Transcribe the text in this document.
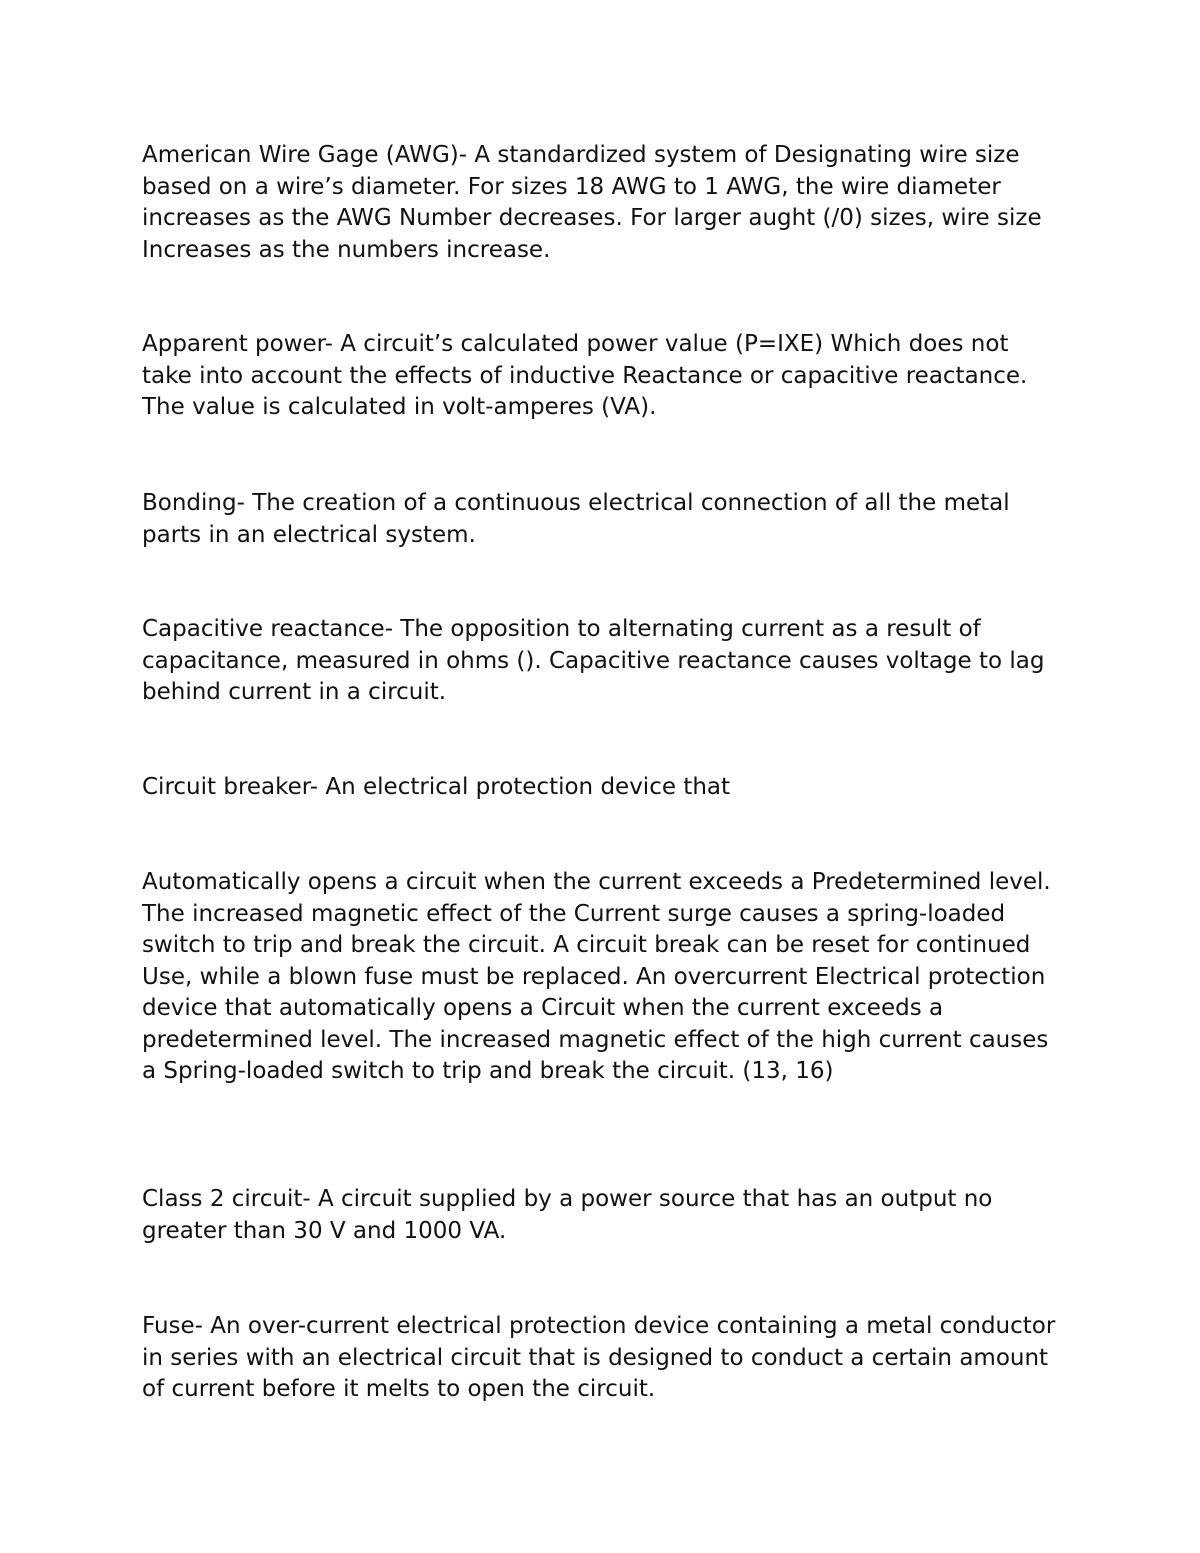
American Wire Gage (AWG)- A standardized system of Designating wire size based on a wire’s diameter. For sizes 18 AWG to 1 AWG, the wire diameter increases as the AWG Number decreases. For larger aught (/0) sizes, wire size Increases as the numbers increase.

Apparent power- A circuit’s calculated power value (P=IXE) Which does not take into account the effects of inductive Reactance or capacitive reactance. The value is calculated in volt-amperes (VA).

Bonding- The creation of a continuous electrical connection of all the metal parts in an electrical system.

Capacitive reactance- The opposition to alternating current as a result of capacitance, measured in ohms (). Capacitive reactance causes voltage to lag behind current in a circuit.

Circuit breaker- An electrical protection device that

Automatically opens a circuit when the current exceeds a Predetermined level. The increased magnetic effect of the Current surge causes a spring-loaded switch to trip and break the circuit. A circuit break can be reset for continued Use, while a blown fuse must be replaced. An overcurrent Electrical protection device that automatically opens a Circuit when the current exceeds a predetermined level. The increased magnetic effect of the high current causes a Spring-loaded switch to trip and break the circuit. (13, 16)

Class 2 circuit- A circuit supplied by a power source that has an output no greater than 30 V and 1000 VA.

Fuse- An over-current electrical protection device containing a metal conductor in series with an electrical circuit that is designed to conduct a certain amount of current before it melts to open the circuit.
